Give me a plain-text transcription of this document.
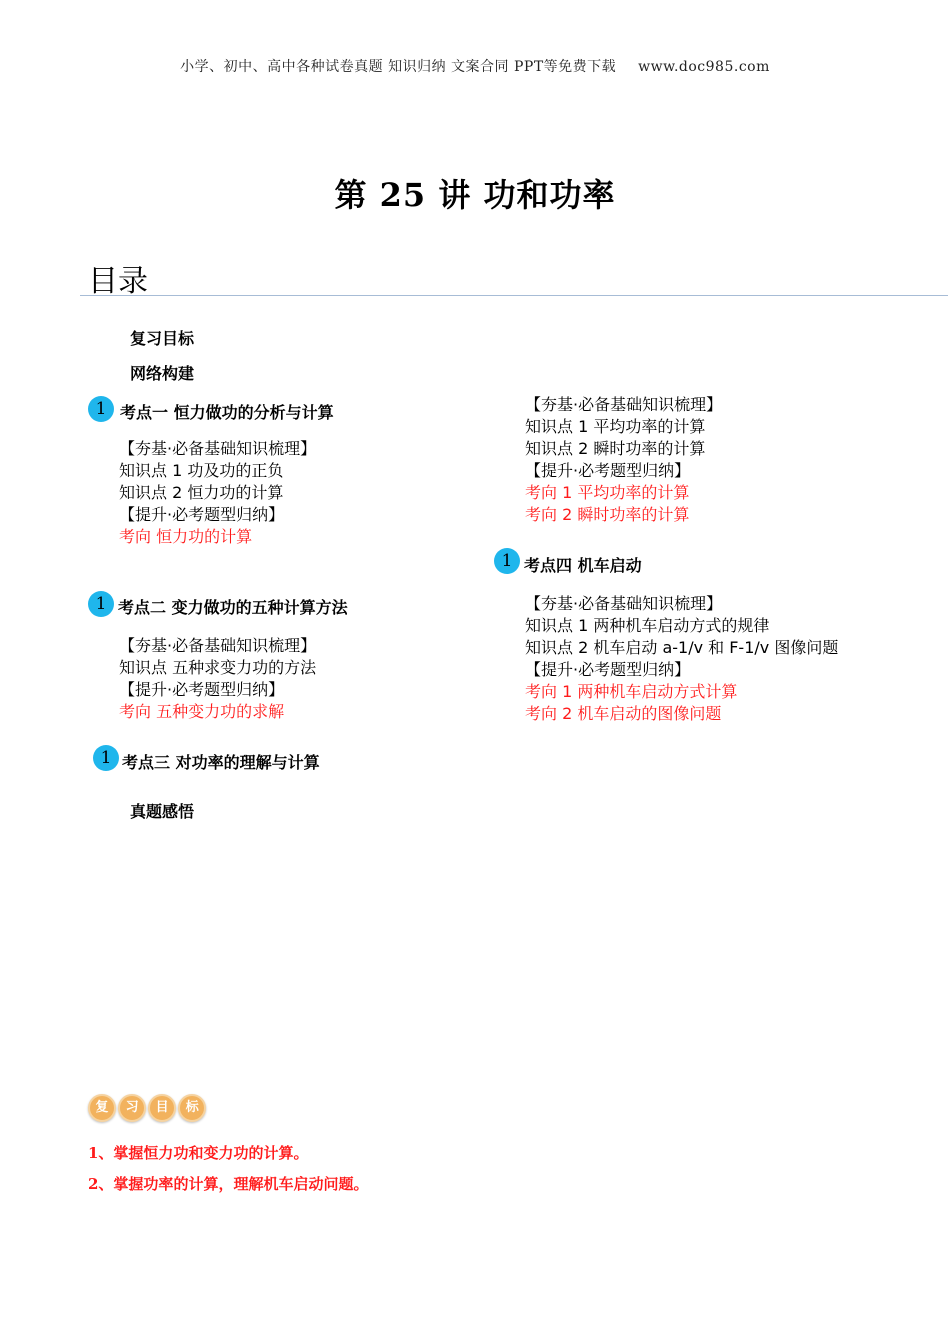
小学、初中、高中各种试卷真题 知识归纳 文案合同 PPT等免费下载 www.doc985.com
第 25 讲 功和功率
目录
复习目标
网络构建
1 考点一 恒力做功的分析与计算
【夯基·必备基础知识梳理】
知识点 1 功及功的正负
知识点 2 恒力功的计算
【提升·必考题型归纳】
考向 恒力功的计算
1 考点二 变力做功的五种计算方法
【夯基·必备基础知识梳理】
知识点 五种求变力功的方法
【提升·必考题型归纳】
考向 五种变力功的求解
1 考点三 对功率的理解与计算
真题感悟
【夯基·必备基础知识梳理】
知识点 1 平均功率的计算
知识点 2 瞬时功率的计算
【提升·必考题型归纳】
考向 1 平均功率的计算
考向 2 瞬时功率的计算
1 考点四 机车启动
【夯基·必备基础知识梳理】
知识点 1 两种机车启动方式的规律
知识点 2 机车启动 a-1/v 和 F-1/v 图像问题
【提升·必考题型归纳】
考向 1 两种机车启动方式计算
考向 2 机车启动的图像问题
复 习 目 标
1、掌握恒力功和变力功的计算。
2、掌握功率的计算，理解机车启动问题。
